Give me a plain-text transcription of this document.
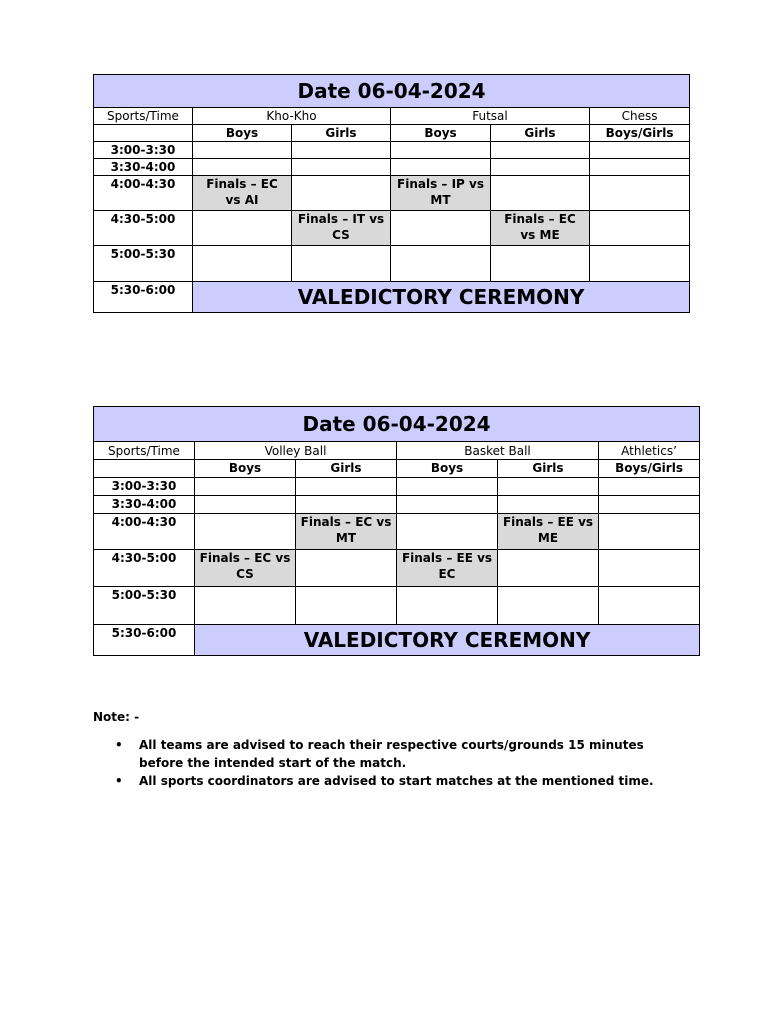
Date 06-04-2024					
Sports/Time	Kho-Kho		Futsal		Chess
	Boys	Girls	Boys	Girls	Boys/Girls
3:00-3:30					
3:30-4:00					
4:00-4:30	Finals – EC vs AI		Finals – IP vs MT		
4:30-5:00		Finals – IT vs CS		Finals – EC vs ME	
5:00-5:30					
5:30-6:00	VALEDICTORY CEREMONY				
Date 06-04-2024					
Sports/Time	Volley Ball		Basket Ball		Athletics’
	Boys	Girls	Boys	Girls	Boys/Girls
3:00-3:30					
3:30-4:00					
4:00-4:30		Finals – EC vs MT		Finals – EE vs ME	
4:30-5:00	Finals – EC vs CS		Finals – EE vs EC		
5:00-5:30					
5:30-6:00	VALEDICTORY CEREMONY				
Note: -
• All teams are advised to reach their respective courts/grounds 15 minutes before the intended start of the match.
• All sports coordinators are advised to start matches at the mentioned time.
